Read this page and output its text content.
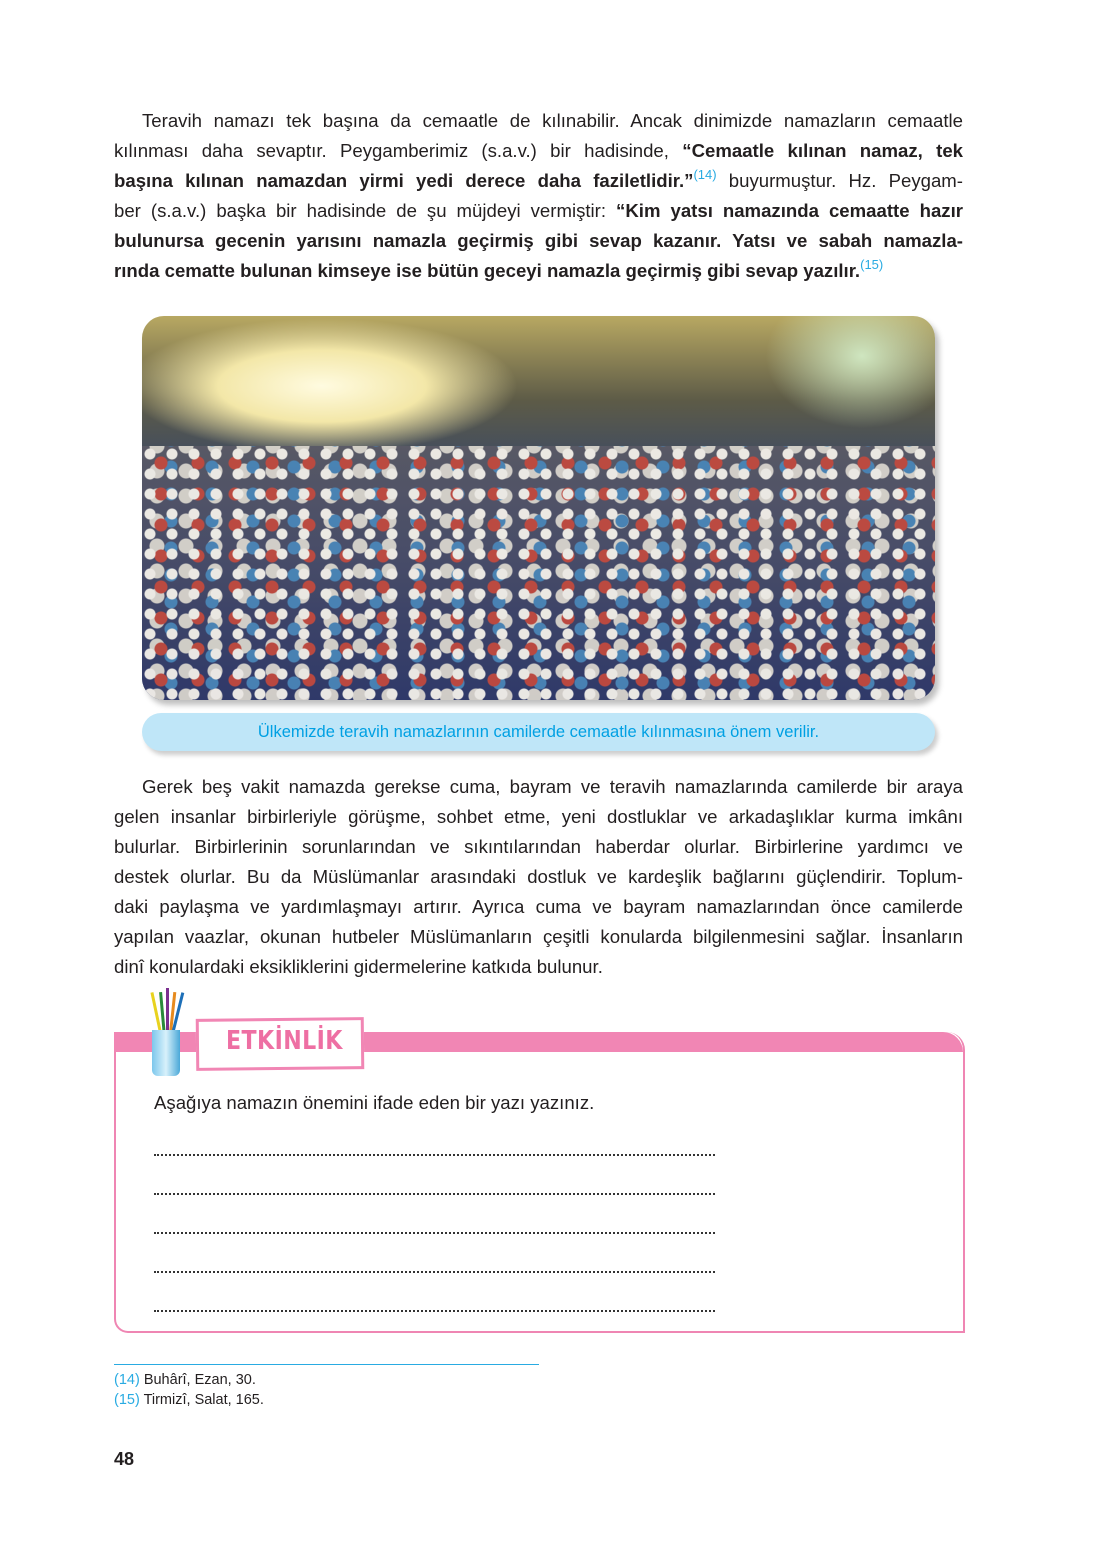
Teravih namazı tek başına da cemaatle de kılınabilir. Ancak dinimizde namazların cemaatle
kılınması daha sevaptır. Peygamberimiz (s.a.v.) bir hadisinde, “Cemaatle kılınan namaz, tek
başına kılınan namazdan yirmi yedi derece daha faziletlidir.”$^{(14)}$ buyurmuştur. Hz. Peygam-
ber (s.a.v.) başka bir hadisinde de şu müjdeyi vermiştir: “Kim yatsı namazında cemaatte hazır
bulunursa gecenin yarısını namazla geçirmiş gibi sevap kazanır. Yatsı ve sabah namazla-
rında cematte bulunan kimseye ise bütün geceyi namazla geçirmiş gibi sevap yazılır.$^{(15)}$
Ülkemizde teravih namazlarının camilerde cemaatle kılınmasına önem verilir.
Gerek beş vakit namazda gerekse cuma, bayram ve teravih namazlarında camilerde bir araya
gelen insanlar birbirleriyle görüşme, sohbet etme, yeni dostluklar ve arkadaşlıklar kurma imkânı
bulurlar. Birbirlerinin sorunlarından ve sıkıntılarından haberdar olurlar. Birbirlerine yardımcı ve
destek olurlar. Bu da Müslümanlar arasındaki dostluk ve kardeşlik bağlarını güçlendirir. Toplum-
daki paylaşma ve yardımlaşmayı artırır. Ayrıca cuma ve bayram namazlarından önce camilerde
yapılan vaazlar, okunan hutbeler Müslümanların çeşitli konularda bilgilenmesini sağlar. İnsanların
dinî konulardaki eksikliklerini gidermelerine katkıda bulunur.
ETKİNLİK
Aşağıya namazın önemini ifade eden bir yazı yazınız.
(14) Buhârî, Ezan, 30.
(15) Tirmizî, Salat, 165.
48
